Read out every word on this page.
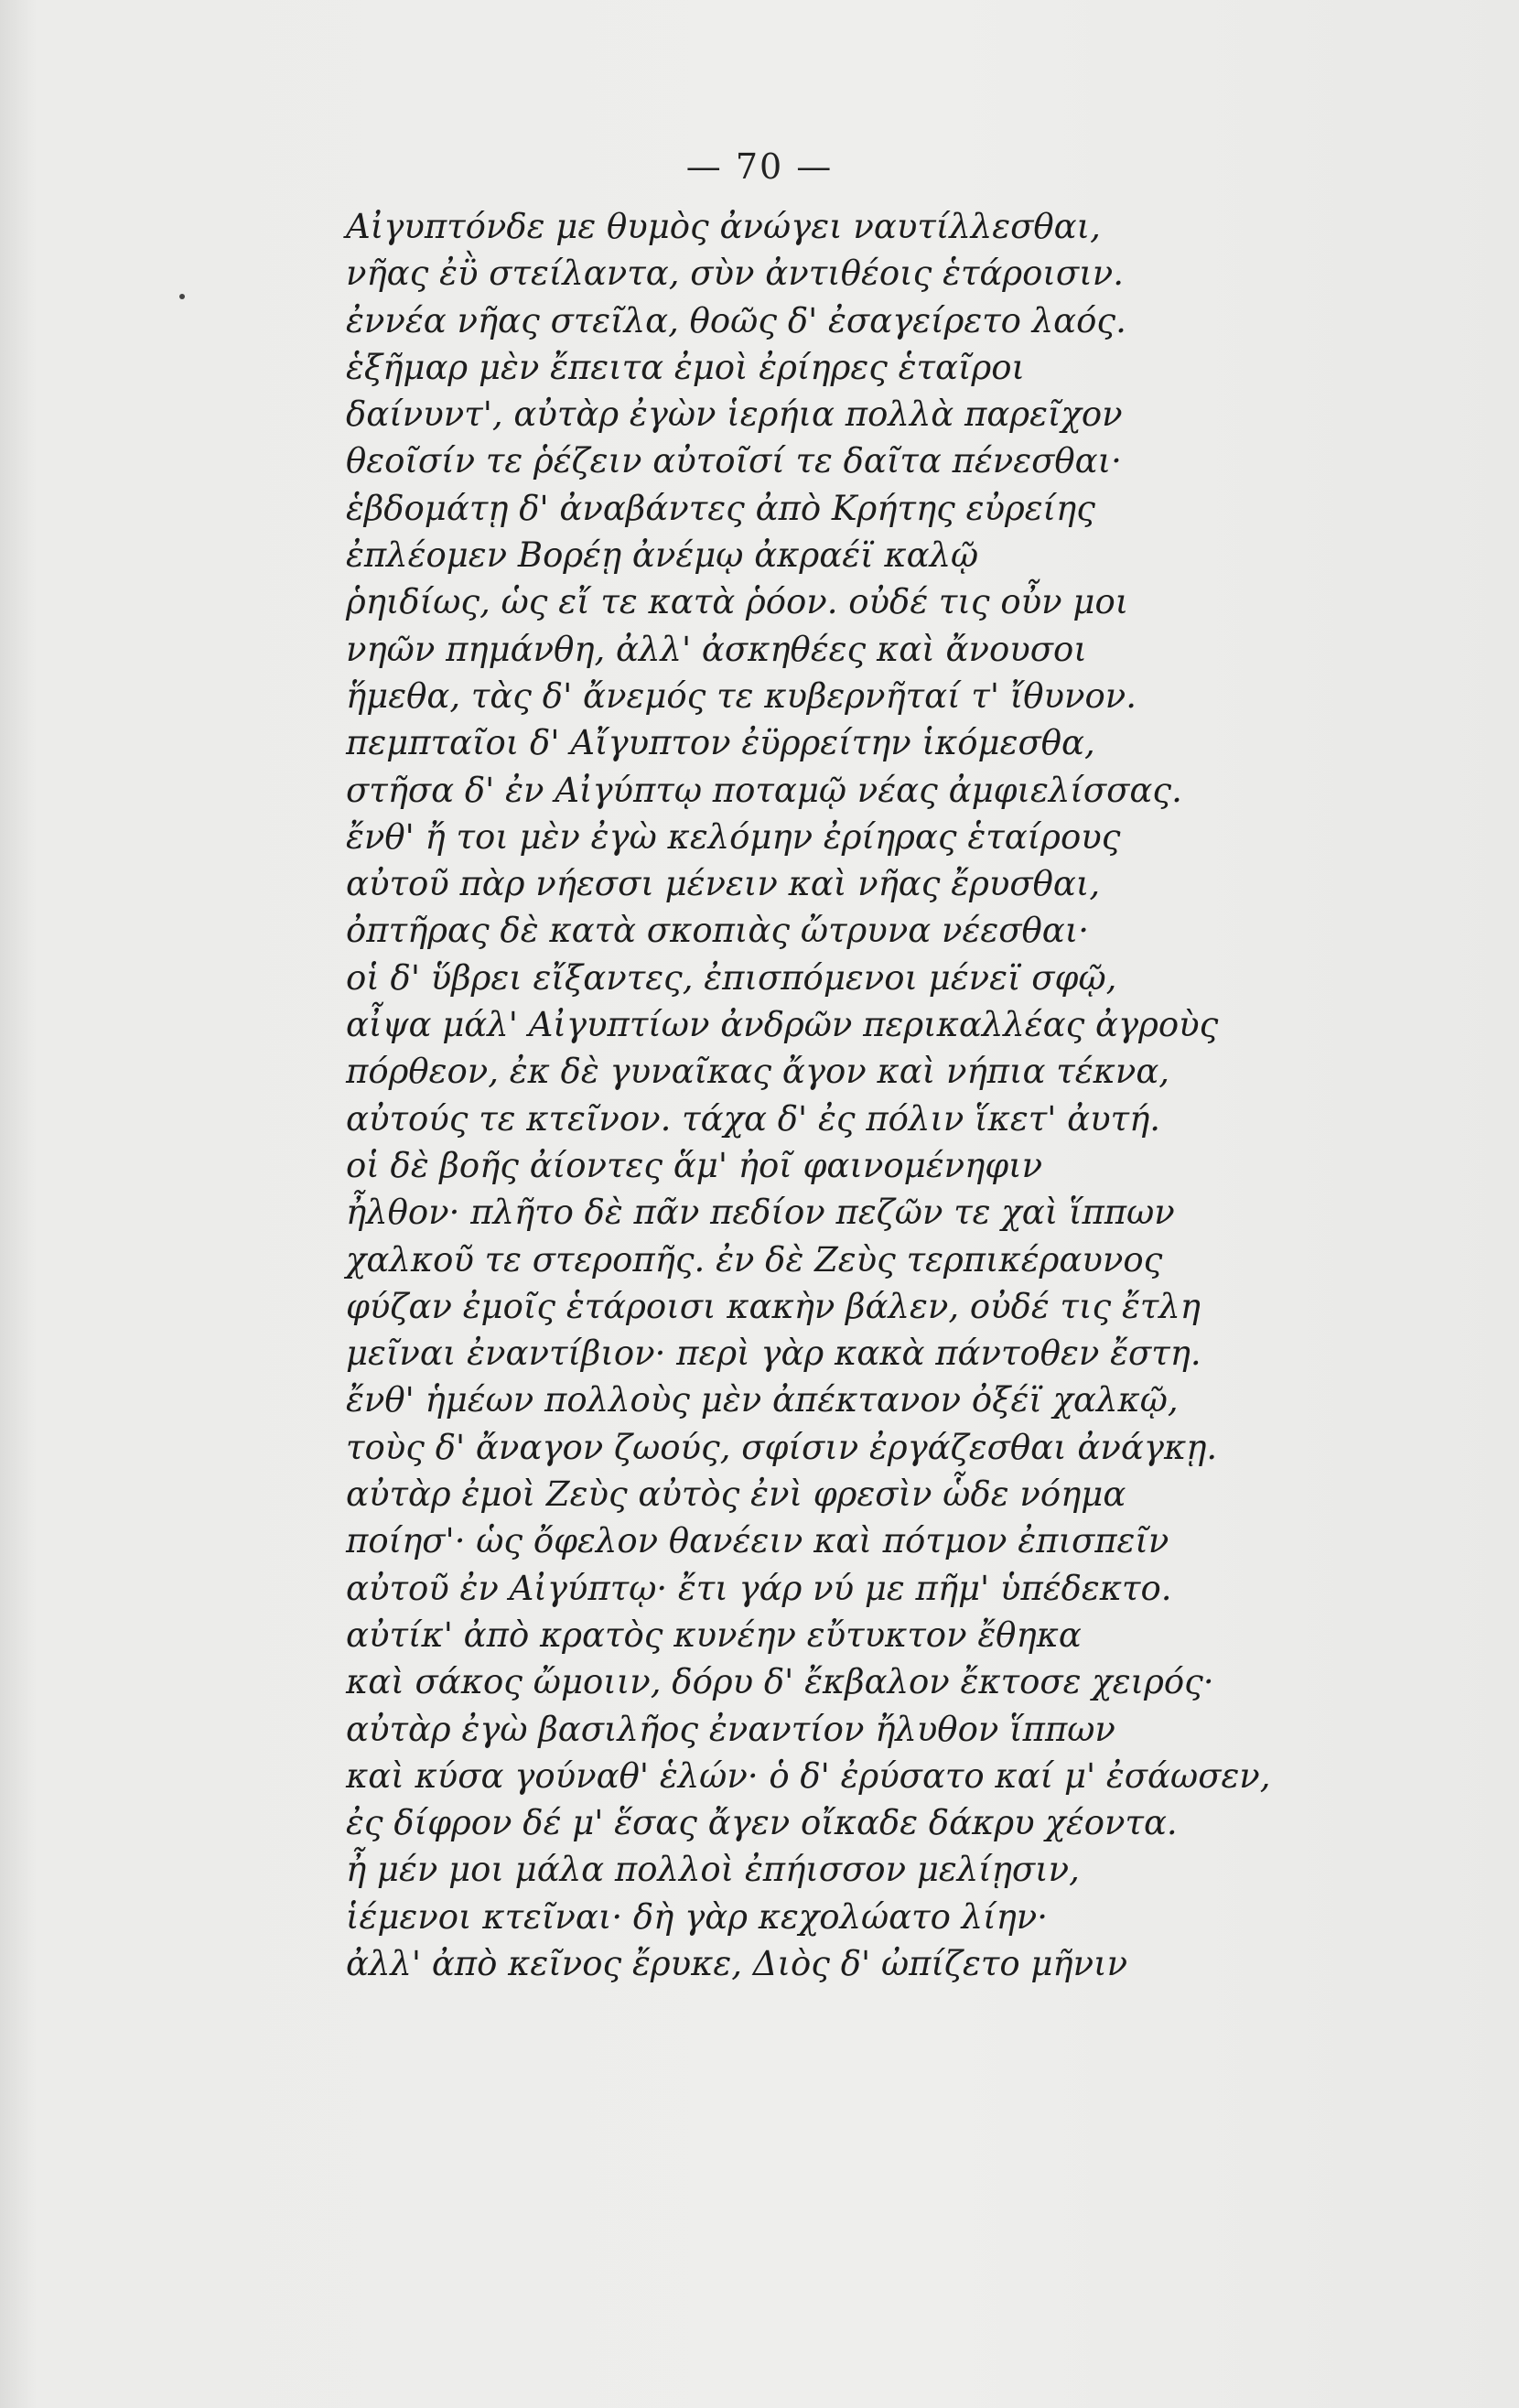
— 70 —
Αἰγυπτόνδε με θυμὸς ἀνώγει ναυτίλλεσθαι,
νῆας ἐῢ στείλαντα, σὺν ἀντιθέοις ἑτάροισιν.
ἐννέα νῆας στεῖλα, θοῶς δ' ἐσαγείρετο λαός.
ἑξῆμαρ μὲν ἔπειτα ἐμοὶ ἐρίηρες ἑταῖροι
δαίνυντ', αὐτὰρ ἐγὼν ἱερήια πολλὰ παρεῖχον
θεοῖσίν τε ῥέζειν αὐτοῖσί τε δαῖτα πένεσθαι·
ἑβδομάτῃ δ' ἀναβάντες ἀπὸ Κρήτης εὐρείης
ἐπλέομεν Βορέῃ ἀνέμῳ ἀκραέϊ καλῷ
ῥηιδίως, ὡς εἴ τε κατὰ ῥόον. οὐδέ τις οὖν μοι
νηῶν πημάνθη, ἀλλ' ἀσκηθέες καὶ ἄνουσοι
ἥμεθα, τὰς δ' ἄνεμός τε κυβερνῆταί τ' ἴθυνον.
πεμπταῖοι δ' Αἴγυπτον ἐϋρρείτην ἱκόμεσθα,
στῆσα δ' ἐν Αἰγύπτῳ ποταμῷ νέας ἀμφιελίσσας.
ἔνθ' ἤ τοι μὲν ἐγὼ κελόμην ἐρίηρας ἑταίρους
αὐτοῦ πὰρ νήεσσι μένειν καὶ νῆας ἔρυσθαι,
ὀπτῆρας δὲ κατὰ σκοπιὰς ὤτρυνα νέεσθαι·
οἱ δ' ὕβρει εἴξαντες, ἐπισπόμενοι μένεϊ σφῷ,
αἶψα μάλ' Αἰγυπτίων ἀνδρῶν περικαλλέας ἀγροὺς
πόρθεον, ἐκ δὲ γυναῖκας ἄγον καὶ νήπια τέκνα,
αὐτούς τε κτεῖνον. τάχα δ' ἐς πόλιν ἵκετ' ἀυτή.
οἱ δὲ βοῆς ἀίοντες ἅμ' ἠοῖ φαινομένηφιν
ἦλθον· πλῆτο δὲ πᾶν πεδίον πεζῶν τε χαὶ ἵππων
χαλκοῦ τε στεροπῆς. ἐν δὲ Ζεὺς τερπικέραυνος
φύζαν ἐμοῖς ἑτάροισι κακὴν βάλεν, οὐδέ τις ἔτλη
μεῖναι ἐναντίβιον· περὶ γὰρ κακὰ πάντοθεν ἔστη.
ἔνθ' ἡμέων πολλοὺς μὲν ἀπέκτανον ὀξέϊ χαλκῷ,
τοὺς δ' ἄναγον ζωούς, σφίσιν ἐργάζεσθαι ἀνάγκῃ.
αὐτὰρ ἐμοὶ Ζεὺς αὐτὸς ἐνὶ φρεσὶν ὧδε νόημα
ποίησ'· ὡς ὄφελον θανέειν καὶ πότμον ἐπισπεῖν
αὐτοῦ ἐν Αἰγύπτῳ· ἔτι γάρ νύ με πῆμ' ὑπέδεκτο.
αὐτίκ' ἀπὸ κρατὸς κυνέην εὔτυκτον ἔθηκα
καὶ σάκος ὤμοιιν, δόρυ δ' ἔκβαλον ἔκτοσε χειρός·
αὐτὰρ ἐγὼ βασιλῆος ἐναντίον ἤλυθον ἵππων
καὶ κύσα γούναθ' ἑλών· ὁ δ' ἐρύσατο καί μ' ἐσάωσεν,
ἐς δίφρον δέ μ' ἕσας ἄγεν οἴκαδε δάκρυ χέοντα.
ἦ μέν μοι μάλα πολλοὶ ἐπήισσον μελίῃσιν,
ἱέμενοι κτεῖναι· δὴ γὰρ κεχολώατο λίην·
ἀλλ' ἀπὸ κεῖνος ἔρυκε, Διὸς δ' ὠπίζετο μῆνιν
